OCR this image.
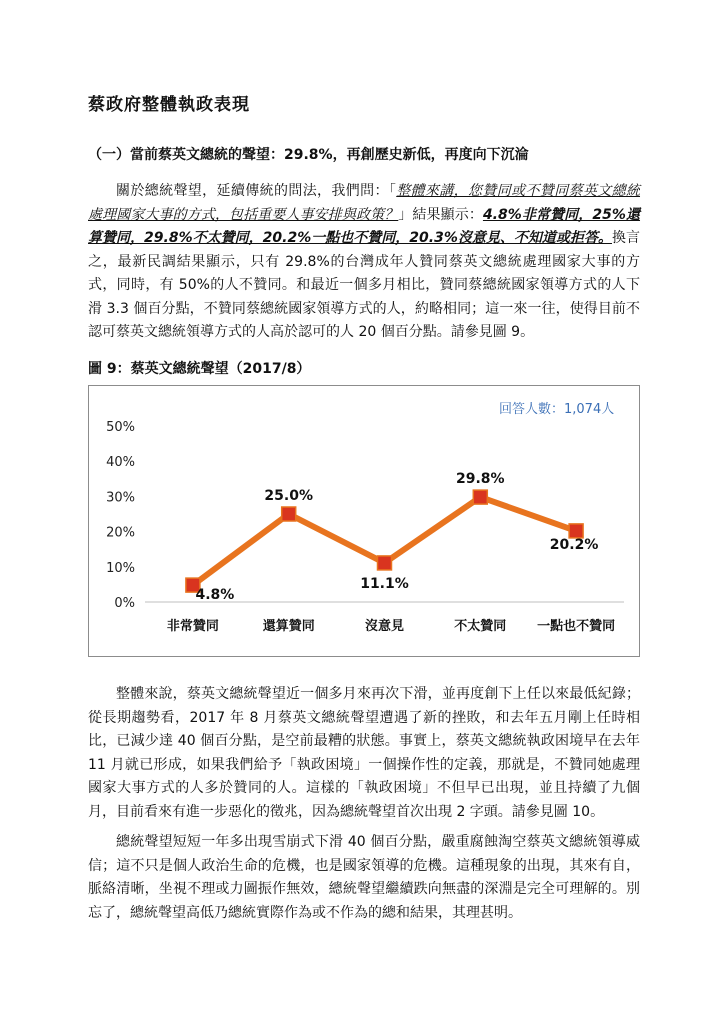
蔡政府整體執政表現
（一）當前蔡英文總統的聲望：29.8%，再創歷史新低，再度向下沉淪

關於總統聲望，延續傳統的問法，我們問：「整體來講，您贊同或不贊同蔡英文總統處理國家大事的方式，包括重要人事安排與政策？」結果顯示：4.8%非常贊同，25%還算贊同，29.8%不太贊同，20.2%一點也不贊同，20.3%沒意見、不知道或拒答。換言之，最新民調結果顯示，只有 29.8%的台灣成年人贊同蔡英文總統處理國家大事的方式，同時，有 50%的人不贊同。和最近一個多月相比，贊同蔡總統國家領導方式的人下滑 3.3 個百分點，不贊同蔡總統國家領導方式的人，約略相同；這一來一往，使得目前不認可蔡英文總統領導方式的人高於認可的人 20 個百分點。請參見圖 9。

圖 9：蔡英文總統聲望（2017/8）
0%
10%
20%
30%
40%
50%
非常贊同	還算贊同	沒意見	不太贊同 一點也不贊同
4.8%
25.0%
11.1%
29.8%
20.2%
回答人數：1,074人

整體來說，蔡英文總統聲望近一個多月來再次下滑，並再度創下上任以來最低紀錄；從長期趨勢看，2017 年 8 月蔡英文總統聲望遭遇了新的挫敗，和去年五月剛上任時相比，已減少達 40 個百分點，是空前最糟的狀態。事實上，蔡英文總統執政困境早在去年 11 月就已形成，如果我們給予「執政困境」一個操作性的定義，那就是，不贊同她處理國家大事方式的人多於贊同的人。這樣的「執政困境」不但早已出現，並且持續了九個月，目前看來有進一步惡化的徵兆，因為總統聲望首次出現 2 字頭。請參見圖 10。

總統聲望短短一年多出現雪崩式下滑 40 個百分點，嚴重腐蝕淘空蔡英文總統領導威信；這不只是個人政治生命的危機，也是國家領導的危機。這種現象的出現，其來有自，脈絡清晰，坐視不理或力圖振作無效，總統聲望繼續跌向無盡的深淵是完全可理解的。別忘了，總統聲望高低乃總統實際作為或不作為的總和結果，其理甚明。
